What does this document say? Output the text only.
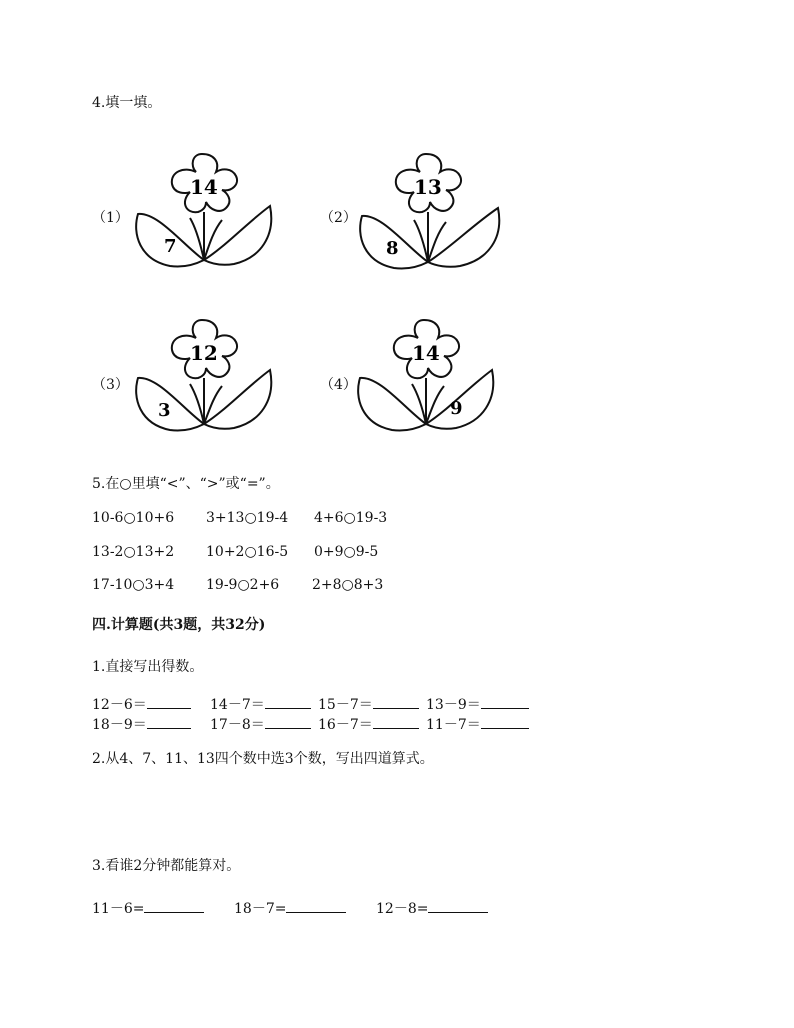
4.填一填。
（1）
14
7
（2）
13
8
（3）
12
3
（4）
14
9
5.在○里填“<”、“>”或“=”。
10-6○10+6 3+13○19-4 4+6○19-3
13-2○13+2 10+2○16-5 0+9○9-5
17-10○3+4 19-9○2+6 2+8○8+3
四.计算题(共3题，共32分)
1.直接写出得数。
12－6＝	14－7＝	15－7＝	13－9＝
18－9＝	17－8＝	16－7＝	11－7＝
2.从4、7、11、13四个数中选3个数，写出四道算式。
3.看谁2分钟都能算对。
11－6=	18－7=	12－8=
